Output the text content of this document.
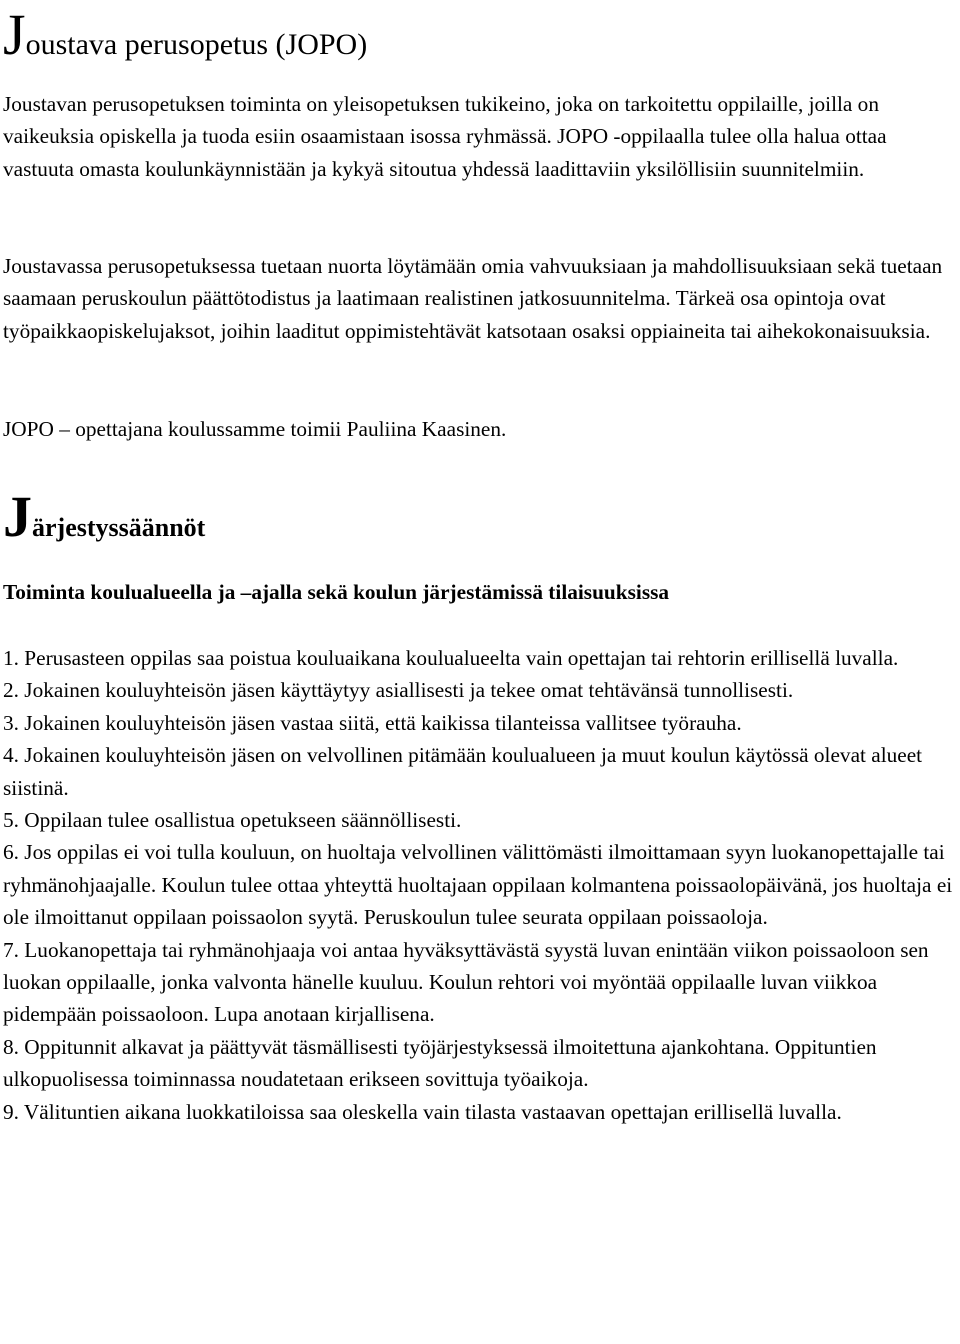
Joustava perusopetus (JOPO)

Joustavan perusopetuksen toiminta on yleisopetuksen tukikeino, joka on tarkoitettu oppilaille, joilla on vaikeuksia opiskella ja tuoda esiin osaamistaan isossa ryhmässä. JOPO -oppilaalla tulee olla halua ottaa vastuuta omasta koulunkäynnistään ja kykyä sitoutua yhdessä laadittaviin yksilöllisiin suunnitelmiin.

Joustavassa perusopetuksessa tuetaan nuorta löytämään omia vahvuuksiaan ja mahdollisuuksiaan sekä tuetaan saamaan peruskoulun päättötodistus ja laatimaan realistinen jatkosuunnitelma. Tärkeä osa opintoja ovat työpaikkaopiskelujaksot, joihin laaditut oppimistehtävät katsotaan osaksi oppiaineita tai aihekokonaisuuksia.

JOPO – opettajana koulussamme toimii Pauliina Kaasinen.

Järjestyssäännöt

Toiminta koulualueella ja –ajalla sekä koulun järjestämissä tilaisuuksissa

1. Perusasteen oppilas saa poistua kouluaikana koulualueelta vain opettajan tai rehtorin erillisellä luvalla.
2. Jokainen kouluyhteisön jäsen käyttäytyy asiallisesti ja tekee omat tehtävänsä tunnollisesti.
3. Jokainen kouluyhteisön jäsen vastaa siitä, että kaikissa tilanteissa vallitsee työrauha.
4. Jokainen kouluyhteisön jäsen on velvollinen pitämään koulualueen ja muut koulun käytössä olevat alueet siistinä.
5. Oppilaan tulee osallistua opetukseen säännöllisesti.
6. Jos oppilas ei voi tulla kouluun, on huoltaja velvollinen välittömästi ilmoittamaan syyn luokanopettajalle tai ryhmänohjaajalle. Koulun tulee ottaa yhteyttä huoltajaan oppilaan kolmantena poissaolopäivänä, jos huoltaja ei ole ilmoittanut oppilaan poissaolon syytä. Peruskoulun tulee seurata oppilaan poissaoloja.
7. Luokanopettaja tai ryhmänohjaaja voi antaa hyväksyttävästä syystä luvan enintään viikon poissaoloon sen luokan oppilaalle, jonka valvonta hänelle kuuluu. Koulun rehtori voi myöntää oppilaalle luvan viikkoa pidempään poissaoloon. Lupa anotaan kirjallisena.
8. Oppitunnit alkavat ja päättyvät täsmällisesti työjärjestyksessä ilmoitettuna ajankohtana. Oppituntien ulkopuolisessa toiminnassa noudatetaan erikseen sovittuja työaikoja.
9. Välituntien aikana luokkatiloissa saa oleskella vain tilasta vastaavan opettajan erillisellä luvalla.
